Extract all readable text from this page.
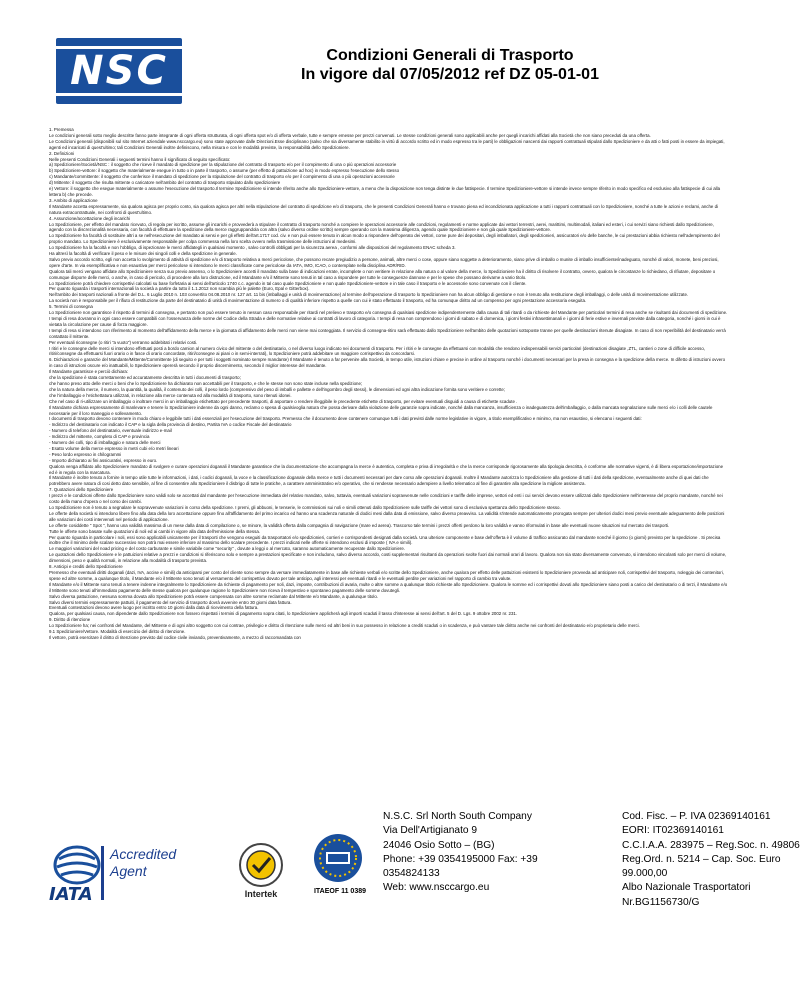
NSC	Condizioni Generali di Trasporto
In vigore dal 07/05/2012 ref DZ 05-01-01

1. Premessa

Le condizioni generali sotto meglio descritte fanno parte integrante di ogni offerta strutturata, di ogni offerta spot e/o di offerta verbale, tutte e sempre emesse per prezzi convenuti. Le stesse condizioni generali sono applicabili anche per quegli incarichi affidati alla Società che non siano preceduti da una offerta.

Le Condizioni generali (disponibili sul sito Internet aziendale www.nsccargo.eu) sono state approvate dalle Direzioni.Esse disciplinano (salvo che sia diversamente stabilito in virtù di accordo scritto ed in modo espresso tra le parti) le obbligazioni nascenti dai rapporti contrattuali stipulati dallo Spedizioniere e da atti o fatti posti in essere da impiegati, agenti ed incaricati di quest'ultimo; tali Condizioni Generali inoltre definiscono, nella misura e con le modalità previste, la responsabilità dello Spedizioniere.

2. Definizioni

Nelle presenti Condizioni Generali i seguenti termini hanno il significato di seguito specificato:

a) Spedizioniere/Società/NSC : il soggetto che riceve il mandato di spedizione per la stipulazione del contratto di trasporto e/o per il compimento di una o più operazioni accessorie

b) Spedizioniere-vettore: il soggetto che materialmente esegue in tutto o in parte il trasporto, o assume (per effetto di pattuizione ad hoc) in modo espresso l'esecuzione dello stesso

c) Mandante/committente: il soggetto che conferisce il mandato di spedizione per la stipulazione del contratto di trasporto e/o per il compimento di una o più operazioni accessorie

d) Mittente: il soggetto che risulta mittente o caricatore nell'ambito del contratto di trasporto stipulato dallo spedizioniere

e) Vettore: il soggetto che esegue materialmente o assume l'esecuzione del trasporto.Il termine Spedizioniere si intende riferito anche allo Spedizioniere-vettore, a meno che la disposizione non tenga distinte le due fattispecie. Il termine Spedizioniere-vettore si intende invece sempre riferito in modo specifico ed esclusivo alla fattispecie di cui alla lettera b) che precede.

3. Ambito di applicazione

Il Mandante accetta espressamente, sia qualora agisca per proprio conto, sia qualora agisca per altri nella stipulazione del contratto di spedizione e/o di trasporto, che le presenti Condizioni Generali hanno e trovano piena ed incondizionata applicazione a tutti i rapporti contrattuali con lo Spedizioniere, nonché a tutte le azioni e reclami, anche di natura extracontrattuale, nei confronti di quest'ultimo.

4. Assunzione/accettazione degli incarichi

Lo Spedizioniere, per effetto del mandato ricevuto, di regola per iscritto, assume gli incarichi e provvederà a stipulare il contratto di trasporto nonché a compiere le operazioni accessorie alle condizioni, regolamenti e norme applicate dai vettori terrestri, aerei, marittimi, multimodali, italiani ed esteri, i cui servizi siano richiesti dallo Spedizioniere, agendo con la discrezionalità necessaria, con facoltà di effettuare la spedizione della merce raggruppandola con altra (salvo diverso ordine scritto) sempre operando con la massima diligenza, agendo quale Spedizioniere e non già quale Spedizioniere-vettore.

Lo Spedizioniere ha facoltà di sostituire altri a se nell'esecuzione del mandato ai sensi e per gli effetti dell'art.1717 cod. civ. e non può essere tenuto in alcun modo a rispondere dell'operato dei vettori, come pure dei depositari, degli imballatori, degli spedizionieri, assicuratori e/o delle banche, le cui prestazioni abbia richiesto nell'adempimento del proprio mandato. Lo Spedizioniere è esclusivamente responsabile per colpa commessa nella loro scelta ovvero nella trasmissione delle istruzioni al medesimi.

Lo Spedizioniere ha la facoltà e non l'obbligo, di ispezionare le merci affidategli in qualsiasi momento , salvo controlli obbligati per la sicurezza aerea , conformi alle disposizioni del regolamento ENAC scheda 3.

Ha altresì la facoltà di verificare il peso e le misure dei singoli colli e della spedizione in generale.

Salvo previo accordo scritto, egli non accetta lo svolgimento di attività di spedizione e/o di trasporto relativa a merci pericolose, che possono recare pregiudizio a persone, animali, altre merci o cose, oppure siano soggette a deterioramento, siano prive di imballo o munite di imballo insufficiente/inadeguato, nonché di valori, monete, beni preziosi, opere d'arte. In via esemplificativa e non esaustiva per merci pericolose si intendono le merci classificate come pericolose da IATA, IMO, ICAO, o contemplate nella disciplina ADR/RID.

Qualora tali merci vengano affidate allo Spedizioniere senza suo previo assenso, o lo Spedizioniere accetti il mandato sulla base di indicazioni errate, incomplete o non veritiere in relazione alla natura o al valore della merce, lo Spedizioniere ha il diritto di risolvere il contratto, ovvero, qualora le circostanze lo richiedano, di rifiutare, depositare o comunque disporre delle merci, o anche, in caso di pericolo, di procedere alla loro distruzione, ed il Mandante e/o il Mittente sono tenuti in tal caso a rispondere per tutte le conseguenze dannose e per le spese che possano derivarne a vario titolo.

Lo Spedizioniere potrà chiedere corrispettivi calcolati su base forfetaria ai sensi dell'articolo 1740 c.c. agendo in tal caso quale Spedizioniere e non quale Spedizioniere-vettore e in tale caso il trasporto e le accessorie sono convenute con il cliente.

Per quanto riguarda i trasporti internazionali la società a partire da tutto il 1.1.2012 non scambia più le palette (Euro, Epal e Gitterbox).

Nell'ambito dei trasporti nazionali a fronte del D.L. 6 Luglio 2010 n. 103 convertito 04.08.2010 nr. 127 art. 11 bis (imballaggi e unità di movimentazione) al termine dell'operazione di trasporto lo Spedizioniere non ha alcun obbligo di gestione e non è tenuto alla restituzione degli imballaggi, o delle unità di movimentazione utilizzate.

La società non è responsabile per il rifiuto di restituzione da parte del destinatario di unità di movimentazione di numero o di qualità inferiore rispetto a quelle con cui è stato effettuato il trasporto, ed ha comunque diritto ad un compenso per ogni prestazione accessoria eseguita.

5. Termini di consegna

Lo Spedizioniere non garantisce il rispetto di termini di consegna, e pertanto non può essere tenuto in nessun caso responsabile per ritardi nel prelievo e trasporto e/o consegna di qualsiasi spedizione indipendentemente dalla causa di tali ritardi o da richieste del Mandante per particolari termini di resa anche se risultanti dai documenti di spedizione.

I tempi di resa dovranno in ogni caso essere compatibili con l'osservanza delle norme del Codice della Strada e delle normative relative ai contratti di lavoro di categoria. I tempi di resa non comprendono i giorni di sabato e di domenica, i giorni festivi infrasettimanali e i giorni di ferie estive e invernali previste dalla categoria, nonché i giorni in cui è vietata la circolazione per cause di forza maggiore.

I tempi di resa si intendono con riferimento al momento dell'affidamento della merce e la giornata di affidamento delle merci non viene mai conteggiata. Il servizio di consegna-ritiro sarà effettuato dallo Spedizioniere nell'ambito delle quotazioni sottoposte tranne per quelle destinazioni ritenute disagiate. In caso di non reperibilità del destinatario verrà contattato il mittente.

Per eventuali riconsegne (o ritiri "a vuoto") verranno addebitati i relativi costi.

I ritiri e le consegne delle merci si intendono effettuati posti a bordo camion al numero civico del mittente o del destinatario, o nel diverso luogo indicato nei documenti di trasporto. Per i ritiri e le consegne da effettuarsi con modalità che rendono indispensabili servizi particolari (destinazioni disagiate ,ZTL, cantieri o zone di difficile accesso, ritiri/consegne da effettuarsi fuori orario o in fasce di orario concordate, ritiri/consegne ai piani o in semi-interrati), lo Spedizioniere potrà addebitare un maggiore corrispettivo da concordarsi.

6. Dichiarazioni e garanzie del Mandante/Mittente/Committente (di seguito e per tutti i soggetti nominato sempre mandante) Il Mandante è tenuto a far pervenire alla Società, in tempo utile, istruzioni chiare e precise in ordine al trasporto nonché i documenti necessari per la presa in consegna e la spedizione della merce. In difetto di istruzioni ovvero in caso di istruzioni oscure e/o inattuabili, lo Spedizioniere opererà secondo il proprio discernimento, secondo il miglior interesse del mandante.

Il Mandante garantisce e perciò dichiara:

che la spedizione è stata correttamente ed accuratamente descritta in tutti i documenti di trasporto;

che hanno preso atto delle merci o beni che lo Spedizioniere ha dichiarato non accettabili per il trasporto, e che le stesse non sono state incluse nella spedizione;

che la natura della merce, il numero, la quantità, la qualità, il contenuto dei colli, il peso lordo (comprensivo del peso di imballi e pallette e dell'ingombro degli stessi), le dimensioni ed ogni altra indicazione fornita sono veritiere e corrette;

che l'imballaggio e l'etichettatura utilizzati, in relazione alla merce contenuta ed alla modalità di trasporto, sono ritenuti idonei.

Che nel caso di ri-utilizzare un imballaggio o inoltrare merci in un imballaggio etichettato per precedente trasporti, di asportare o rendere illeggibile le precedente etichette di trasporto, per evitare eventuali disguidi a causa di etichette scadute .

Il Mandante dichiara espressamente di manlevare e tenere lo Spedizioniere indenne da ogni danno, reclamo o spesa di qualsivoglia natura che possa derivare dalla violazione delle garanzie sopra indicate, nonché dalla mancanza, insufficienza o inadeguatezza dell'imballaggio, o dalla mancata segnalazione sulle merci e/o i colli delle cautele necessarie per il loro maneggio e sollevamento.

I documenti di trasporto devono contenere in modo chiaro e leggibile tutti i dati essenziali per l'esecuzione del trasporto. Premesso che il documento deve contenere comunque tutti i dati previsti dalle norme legislative in vigore, a titolo esemplificativo e minimo, ma non esaustivo, si elencano i seguenti dati:

- Indirizzo del destinatario con indicato il CAP e la sigla della provincia di destino, Partita IVA o codice Fiscale del destinatario

- Numero di telefono del destinatario, eventuale indirizzo e-mail

- Indirizzo del mittente, completo di CAP e provincia

- Numero dei colli, tipo di imballaggio e natura delle merci

- Esatto volume della merce espresso in metri cubi e/o metri lineari

- Peso lordo espresso in chilogrammi

- Importo dichiarato ai fini assicurativi, espresso in euro.

Qualora venga affidato allo Spedizioniere mandato di svolgere e curare operazioni doganali il Mandante garantisce che la documentazione che accompagna la merce è autentica, completa e priva di irregolarità e che la merce corrisponde rigorosamente alla tipologia descritta, è conforme alle normative vigenti, è di libera esportazione/importazione ed è in regola con la marcatura.

Il Mandante è inoltre tenuto a fornire in tempo utile tutte le informazioni, i dati, i codici doganali, la voce e la classificazione doganale della merce e tutti i documenti necessari per dare corso alle operazioni doganali. Inoltre il Mandante autorizza lo Spedizioniere alla gestione di tutti i dati della spedizione, eventualmente anche di quei dati che potrebbero avere natura di cosi detto dato sensibile, al fine di consentire allo Spedizioniere il disbrigo di tutte le pratiche, a carattere amministrativo e/o operativo, che si rendesse necessario adempiere a livello telematico al fine di garantire alla spedizione la migliore assistenza.

7. Quotazioni dello Spedizioniere

I prezzi e le condizioni offerte dallo Spedizioniere sono validi solo se accettati dal mandante per l'esecuzione immediata del relativo mandato, salvo, tuttavia, eventuali variazioni sopravvenute nelle condizioni e tariffe delle imprese, vettori ed enti i cui servizi devono essere utilizzati dallo Spedizioniere nell'interesse del proprio mandante, nonché nei costo della mano d'opera o nel corso dei cambi.

Lo Spedizioniere non è tenuto a segnalare le sopravvenute variazioni in corso della spedizione. I premi, gli abbuoni, le tenserie, le commissioni sui noli e simili ottenuti dallo Spedizioniere sulle tariffe dei vettori sono di esclusiva spettanza dello Spedizioniere stesso.

Le offerte della società si intendono libere fino alla data della loro accettazione oppure fino all'affidamento del primo incarico ed hanno una scadenza naturale di dodici mesi dalla data di emissione, salvo diverso preavviso. La validità s'intende automaticamente prorogata sempre per ulteriori dodici mesi previo eventuale adeguamento delle posizioni alle variazioni dei costi intervenuti nel periodo di applicazione.

Le offerte cosiddette " Spot ", hanno una validità massima di un mese dalla data di compilazione o, se minore, la validità offerta dalla compagnia di navigazione (mare ed aerea). Trascorso tale termini i prezzi offerti perdono la loro validità e vanno riformulati in base alle eventuali nuove situazioni sul mercato dei trasporti.

Tutte le offerte sono basate sulle quotazioni di noli ed ai cambi in vigore alla data dell'emissione della stessa.

Per quanto riguarda in particolare i noli, essi sono applicabili unicamente per il trasporti che vengono eseguiti da trasportatori e/o spedizionieri, corrieri e corrispondenti designati dalla società. Una ulteriore componente e base dell'offerta è il volume di traffico assicurato dal mandante nonché il giorno (o giorni) previsto per la spedizione . Si precisa inoltre che il minimo delle scalare successivo non potrà mai essere inferiore al massimo dello scalare precedente. I prezzi indicati nelle offerte si intendono esclusi di imposte ( IVA e simili).

Le maggiori variazioni del noad pricing e del costo carburante e simile variabile come "security" , dovute a leggi o al mercato, saranno automaticamente recuperate dallo Spedizioniere.

Le quotazioni dello Spedizioniere e le pattuizioni relative a prezzi e condizioni si riferiscono solo e sempre a prestazioni specificate e non includono, salvo diverso accordo, costi supplementari risultanti da operazioni svolte fuori dai normali orari di lavoro. Qualora non sia stato diversamente convenuto, si intendono vincolanti solo per merci di volume, dimensioni, peso e qualità normali, in relazione alla modalità di trasporto prevista.

8. Anticipi e crediti dello Spedizioniere

Premesso che eventuali diritti doganali (dazi, IVA, accise e simili) da anticiparsi per conto del cliente sono sempre da versare immediatamente in base alle richieste verbali e/o scritte dello Spedizioniere, anche qualora per effetto delle pattuizioni esistenti lo Spedizioniere provveda ad anticipare noli, corrispettivi del trasporto, noleggio dei contenitori, spese ed altre somme, a qualunque titolo, il Mandante e/o il Mittente sono tenuti al versamento del corrispettivo dovuto per tale anticipo, agli interessi per eventuali ritardi e le eventuali perdite per variazioni nel rapporto di cambio tra valute.

Il Mandante e/o il Mittente sono tenuti a tenere indenne integralmente lo Spedizioniere da richieste di pagamento per noli, dazi, imposte, contribuzioni di avaria, multe o altre somme a qualunque titolo richieste allo Spedizioniere. Qualora le somme ed i corrispettivi dovuti allo Spedizioniere siano posti a carico del destinatario o di terzi, il Mandante e/o il Mittente sono tenuti all'immediato pagamento delle stesse qualora per qualunque ragione lo Spedizioniere non riceva il tempestivo e spontaneo pagamento delle somme dovutegli.

Salvo diversa pattuizione, nessuna somma dovuta allo Spedizioniere potrà essere compensata con altre somme reclamate dal Mittente e/o Mandante, a qualunque titolo.

Salvo diversi termini espressamente pattuiti, il pagamento del servizio di trasporto dovrà avvenire entro 30 giorni data fattura.

Eventuali contestazioni devono avere luogo per iscritto entro 10 giorni dalla data di ricevimento della fattura.

Qualora, per qualsiasi causa, non dipendente dallo Spedizioniere non fossero rispettati i termini di pagamento sopra citati, lo Spedizioniere applicherà agli importi scaduti il tasso d'interesse ai sensi dell'art. 5 del D. Lgs. 9 ottobre 2002 nr. 231.

9. Diritto di ritenzione

Lo Spedizioniere ha; nei confronti del Mandante, del Mittente e di ogni altro soggetto con cui contrae, privilegio e diritto di ritenzione sulle merci ed altri beni in suo possesso in relazione a crediti scaduti o in scadenza, e può vantare tale diritto anche nei confronti del destinatario e/o proprietario delle merci.

9.1 Spedizioniere/Vettore. Modalità di esercizio del diritto di ritenzione.

Il vettore, potrà esercitare il diritto di ritenzione previsto dal codice civile inviando, preventivamente, a mezzo di raccomandata con

IATA
Accredited
Agent
Intertek	ITAEOF 11 0389
N.S.C. Srl North South Company
Via Dell'Artigianato 9
24046 Osio Sotto – (BG)
Phone: +39 0354195000 Fax: +39
0354824133
Web: www.nsccargo.eu
Cod. Fisc. – P. IVA 02369140161
EORI: IT02369140161
C.C.I.A.A. 283975 – Reg.Soc. n. 49806
Reg.Ord. n. 5214 – Cap. Soc. Euro
99.000,00
Albo Nazionale Trasportatori
Nr.BG1156730/G
